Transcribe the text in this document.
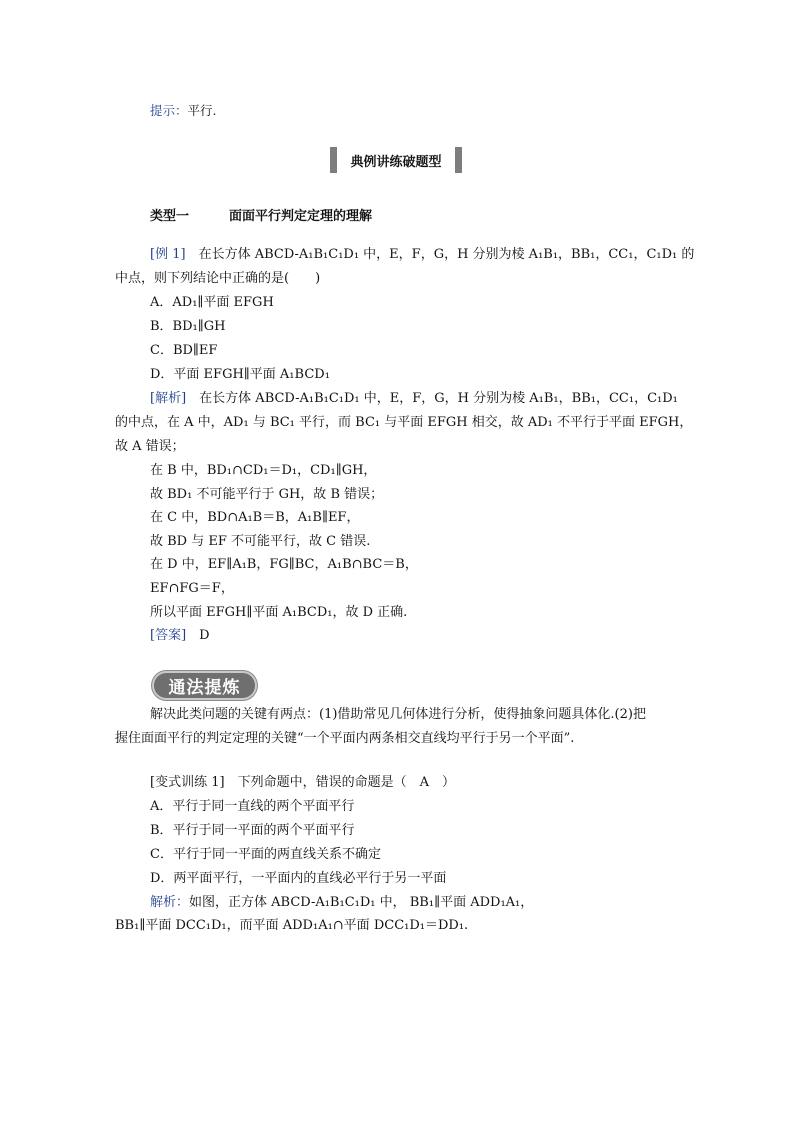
提示：平行.
典例讲练破题型
类型一	面面平行判定定理的理解
[例 1]　 在长方体 ABCD-A₁B₁C₁D₁ 中，E，F，G，H 分别为棱 A₁B₁，BB₁，CC₁，C₁D₁ 的
中点，则下列结论中正确的是(　　)
A．AD₁∥平面 EFGH
B．BD₁∥GH
C．BD∥EF
D．平面 EFGH∥平面 A₁BCD₁
[解析]　 在长方体 ABCD-A₁B₁C₁D₁ 中，E，F，G，H 分别为棱 A₁B₁，BB₁，CC₁，C₁D₁
的中点，在 A 中，AD₁ 与 BC₁ 平行，而 BC₁ 与平面 EFGH 相交，故 AD₁ 不平行于平面 EFGH，
故 A 错误；
在 B 中，BD₁∩CD₁＝D₁，CD₁∥GH，
故 BD₁ 不可能平行于 GH，故 B 错误；
在 C 中，BD∩A₁B＝B，A₁B∥EF，
故 BD 与 EF 不可能平行，故 C 错误.
在 D 中，EF∥A₁B，FG∥BC，A₁B∩BC＝B，
EF∩FG＝F，
所以平面 EFGH∥平面 A₁BCD₁，故 D 正确.
[答案]　 D
通法提炼
解决此类问题的关键有两点：(1)借助常见几何体进行分析，使得抽象问题具体化.(2)把
握住面面平行的判定定理的关键“一个平面内两条相交直线均平行于另一个平面”.
[变式训练 1]　 下列命题中，错误的命题是（　A　）
A．平行于同一直线的两个平面平行
B．平行于同一平面的两个平面平行
C．平行于同一平面的两直线关系不确定
D．两平面平行，一平面内的直线必平行于另一平面
解析：如图，正方体 ABCD-A₁B₁C₁D₁ 中， BB₁∥平面 ADD₁A₁，
BB₁∥平面 DCC₁D₁，而平面 ADD₁A₁∩平面 DCC₁D₁＝DD₁.
